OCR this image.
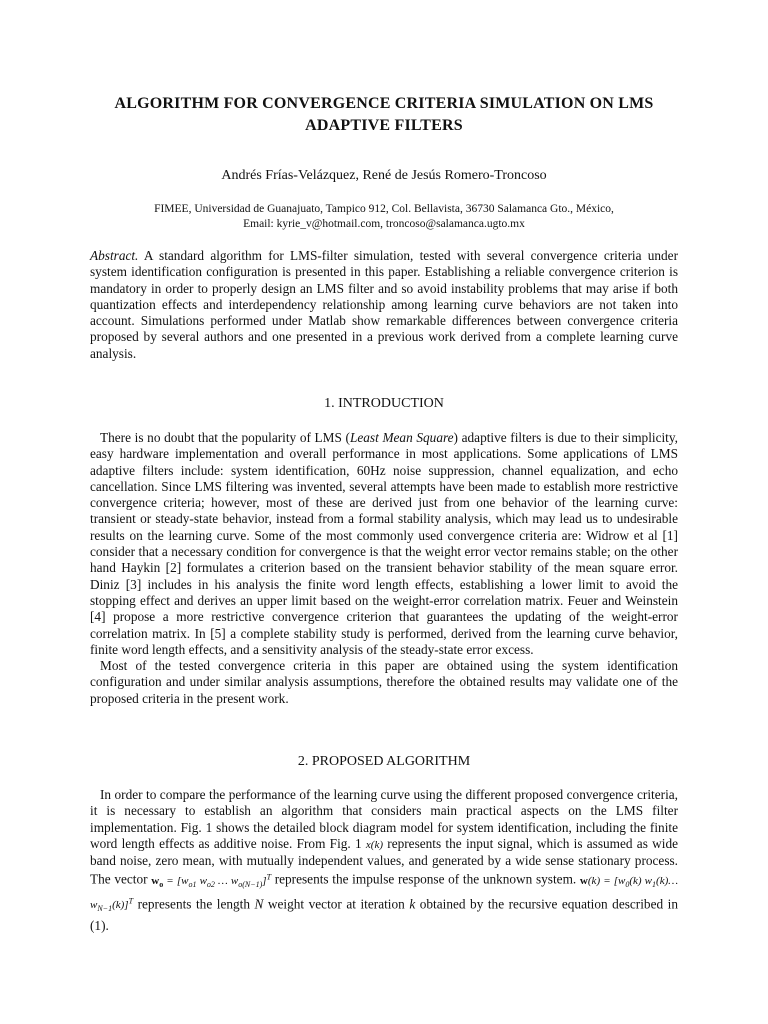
ALGORITHM FOR CONVERGENCE CRITERIA SIMULATION ON LMS
ADAPTIVE FILTERS
Andrés Frías-Velázquez, René de Jesús Romero-Troncoso
FIMEE, Universidad de Guanajuato, Tampico 912, Col. Bellavista, 36730 Salamanca Gto., México,
Email: kyrie_v@hotmail.com, troncoso@salamanca.ugto.mx

Abstract. A standard algorithm for LMS-filter simulation, tested with several convergence criteria under system identification configuration is presented in this paper. Establishing a reliable convergence criterion is mandatory in order to properly design an LMS filter and so avoid instability problems that may arise if both quantization effects and interdependency relationship among learning curve behaviors are not taken into account. Simulations performed under Matlab show remarkable differences between convergence criteria proposed by several authors and one presented in a previous work derived from a complete learning curve analysis.

1. INTRODUCTION

There is no doubt that the popularity of LMS (Least Mean Square) adaptive filters is due to their simplicity, easy hardware implementation and overall performance in most applications. Some applications of LMS adaptive filters include: system identification, 60Hz noise suppression, channel equalization, and echo cancellation. Since LMS filtering was invented, several attempts have been made to establish more restrictive convergence criteria; however, most of these are derived just from one behavior of the learning curve: transient or steady-state behavior, instead from a formal stability analysis, which may lead us to undesirable results on the learning curve. Some of the most commonly used convergence criteria are: Widrow et al [1] consider that a necessary condition for convergence is that the weight error vector remains stable; on the other hand Haykin [2] formulates a criterion based on the transient behavior stability of the mean square error. Diniz [3] includes in his analysis the finite word length effects, establishing a lower limit to avoid the stopping effect and derives an upper limit based on the weight-error correlation matrix. Feuer and Weinstein [4] propose a more restrictive convergence criterion that guarantees the updating of the weight-error correlation matrix. In [5] a complete stability study is performed, derived from the learning curve behavior, finite word length effects, and a sensitivity analysis of the steady-state error excess.

Most of the tested convergence criteria in this paper are obtained using the system identification configuration and under similar analysis assumptions, therefore the obtained results may validate one of the proposed criteria in the present work.

2. PROPOSED ALGORITHM

In order to compare the performance of the learning curve using the different proposed convergence criteria, it is necessary to establish an algorithm that considers main practical aspects on the LMS filter implementation. Fig. 1 shows the detailed block diagram model for system identification, including the finite word length effects as additive noise. From Fig. 1 x(k) represents the input signal, which is assumed as wide band noise, zero mean, with mutually independent values, and generated by a wide sense stationary process. The vector $w_o = [w_{o1}$ $w_{o2}$ … $w_{o(N-1)}]^T$ represents the impulse response of the unknown system. $w(k) = [w_0(k)$ $w_1(k)\dots w_{N-1}(k)]^T$ represents the length N weight vector at iteration k obtained by the recursive equation described in (1).
